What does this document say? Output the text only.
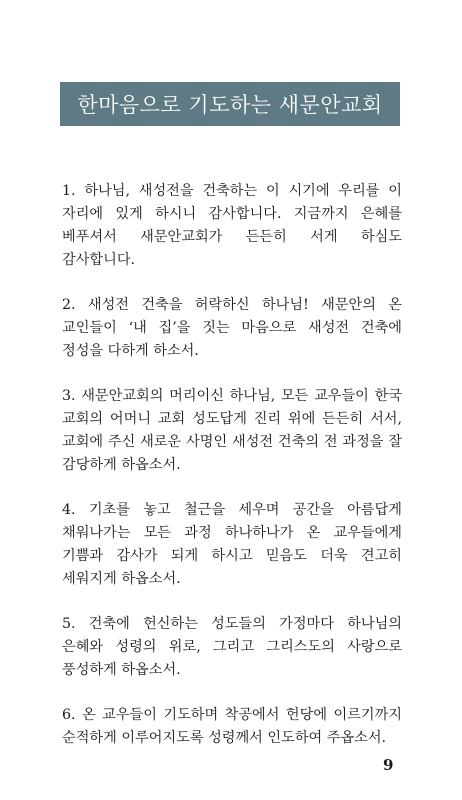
한마음으로 기도하는 새문안교회

1. 하나님, 새성전을 건축하는 이 시기에 우리를 이 자리에 있게 하시니 감사합니다. 지금까지 은혜를 베푸셔서 새문안교회가 든든히 서게 하심도 감사합니다.

2. 새성전 건축을 허락하신 하나님! 새문안의 온 교인들이 ‘내 집’을 짓는 마음으로 새성전 건축에 정성을 다하게 하소서.

3. 새문안교회의 머리이신 하나님, 모든 교우들이 한국 교회의 어머니 교회 성도답게 진리 위에 든든히 서서, 교회에 주신 새로운 사명인 새성전 건축의 전 과정을 잘 감당하게 하옵소서.

4. 기초를 놓고 철근을 세우며 공간을 아름답게 채워나가는 모든 과정 하나하나가 온 교우들에게 기쁨과 감사가 되게 하시고 믿음도 더욱 견고히 세워지게 하옵소서.

5. 건축에 헌신하는 성도들의 가정마다 하나님의 은혜와 성령의 위로, 그리고 그리스도의 사랑으로 풍성하게 하옵소서.

6. 온 교우들이 기도하며 착공에서 헌당에 이르기까지 순적하게 이루어지도록 성령께서 인도하여 주옵소서.

9
